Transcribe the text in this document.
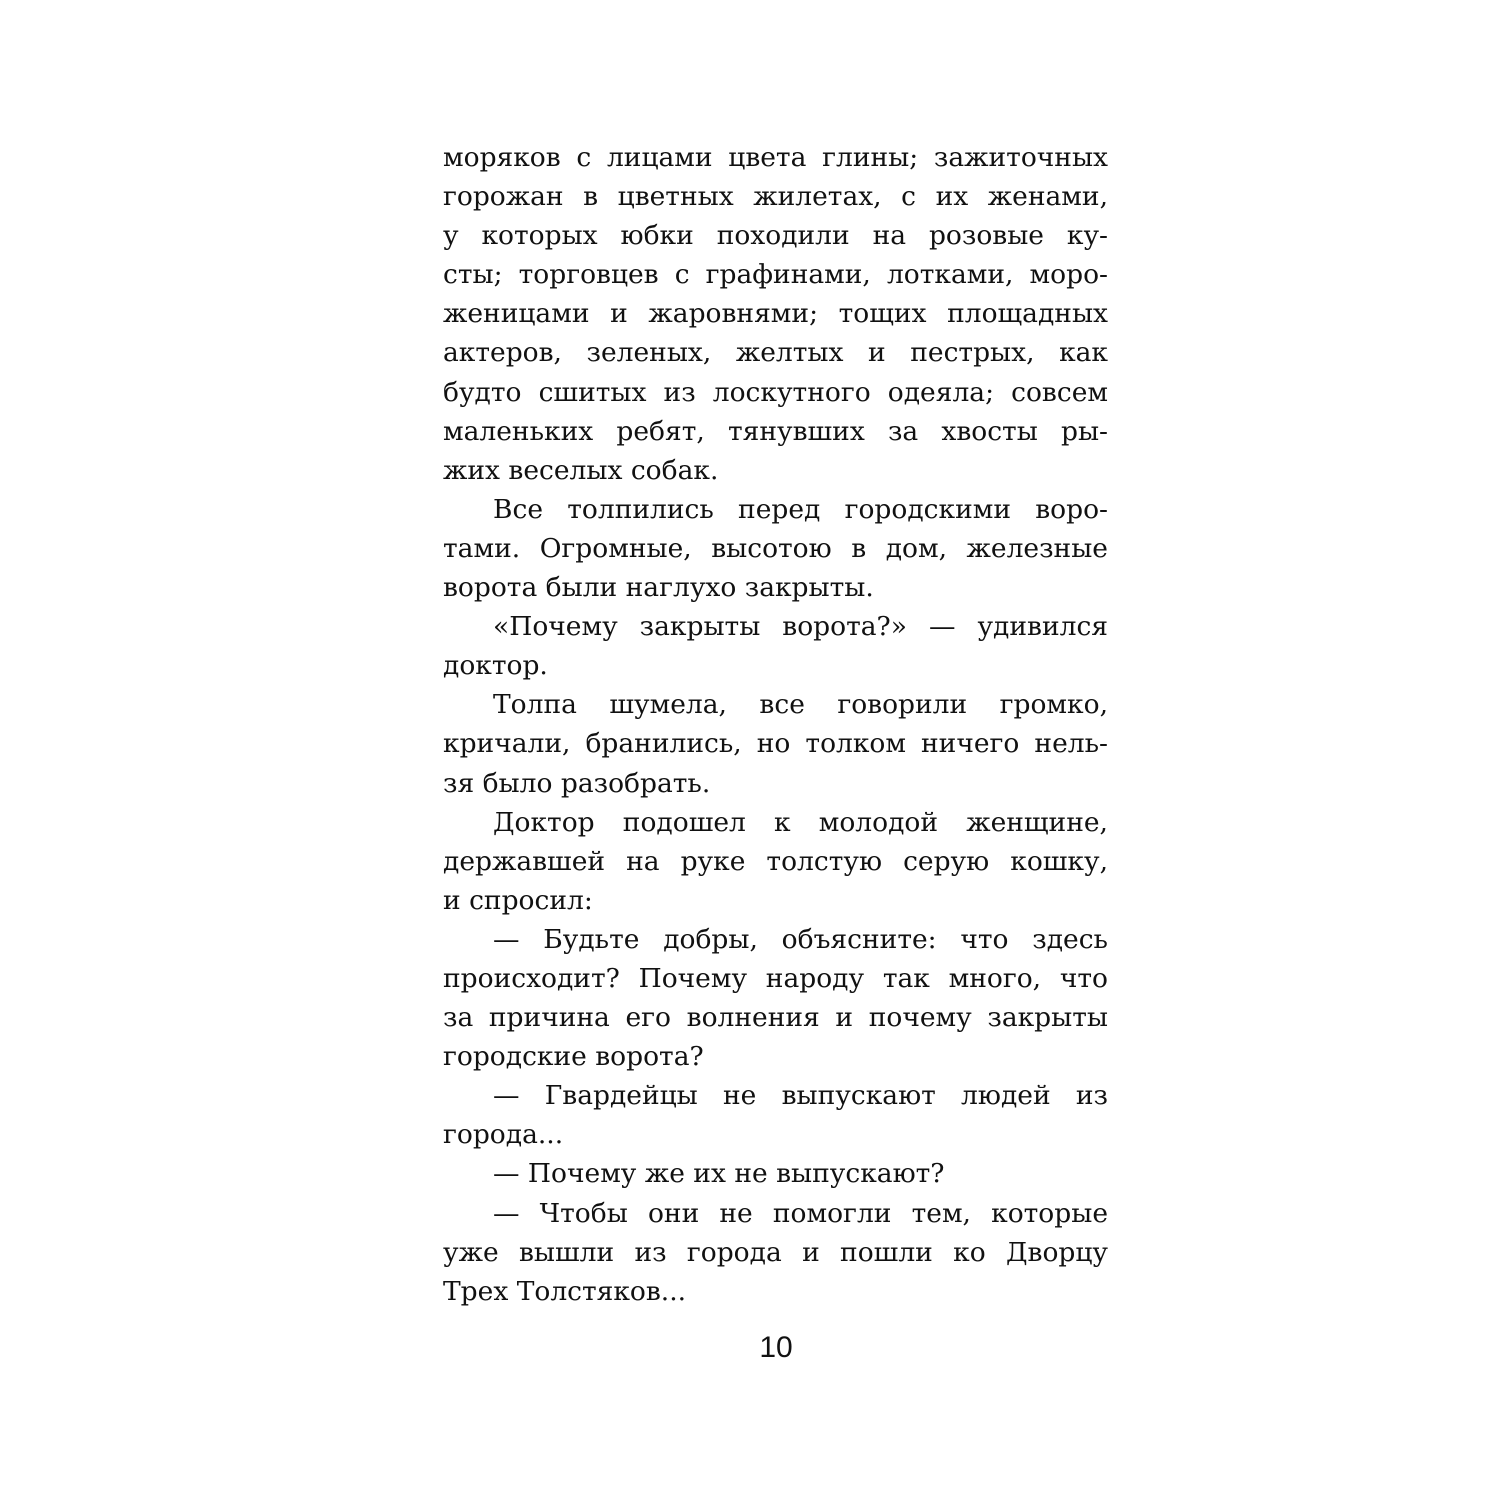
моряков с лицами цвета глины; зажиточных
горожан в цветных жилетах, с их женами,
у которых юбки походили на розовые ку-
сты; торговцев с графинами, лотками, моро-
женицами и жаровнями; тощих площадных
актеров, зеленых, желтых и пестрых, как
будто сшитых из лоскутного одеяла; совсем
маленьких ребят, тянувших за хвосты ры-
жих веселых собак.
Все толпились перед городскими воро-
тами. Огромные, высотою в дом, железные
ворота были наглухо закрыты.
«Почему закрыты ворота?» — удивился
доктор.
Толпа шумела, все говорили громко,
кричали, бранились, но толком ничего нель-
зя было разобрать.
Доктор подошел к молодой женщине,
державшей на руке толстую серую кошку,
и спросил:
— Будьте добры, объясните: что здесь
происходит? Почему народу так много, что
за причина его волнения и почему закрыты
городские ворота?
— Гвардейцы не выпускают людей из
города...
— Почему же их не выпускают?
— Чтобы они не помогли тем, которые
уже вышли из города и пошли ко Дворцу
Трех Толстяков...
10
